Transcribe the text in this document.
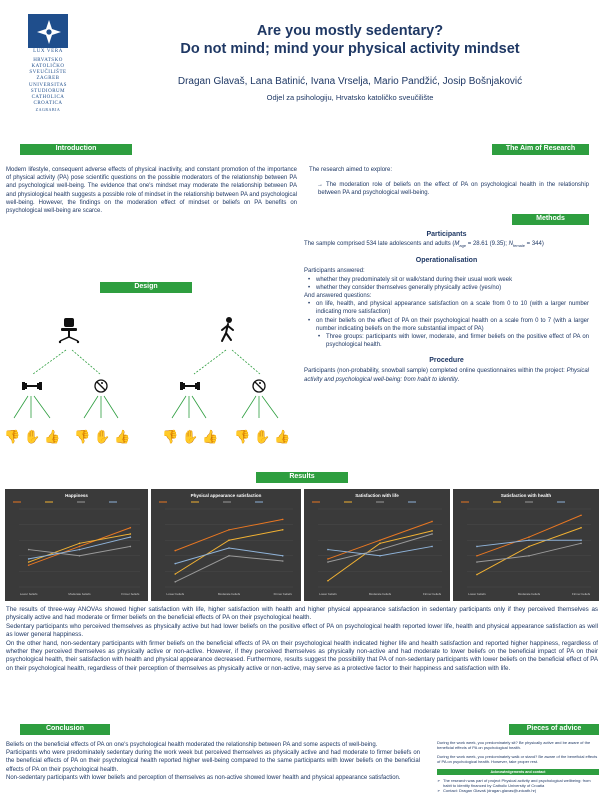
LUX VERA
HRVATSKO
KATOLIČKO
SVEUČILIŠTE
ZAGREB
UNIVERSITAS
STUDIORUM
CATHOLICA
CROATICA
ZAGRABIA
Are you mostly sedentary?
Do not mind; mind your physical activity mindset
Dragan Glavaš, Lana Batinić, Ivana Vrselja, Mario Pandžić, Josip Bošnjaković
Odjel za psihologiju, Hrvatsko katoličko sveučilište
Introduction
Modern lifestyle, consequent adverse effects of physical inactivity, and constant promotion of the importance of physical activity (PA) pose scientific questions on the possible moderators of the relationship between PA and psychological well-being. The evidence that one's mindset may moderate the relationship between PA and physiological health suggests a possible role of mindset in the relationship between PA and psychological well-being. However, the findings on the moderation effect of mindset or beliefs on PA benefits on psychological well-being are scarce.
The Aim of Research
The research aimed to explore:
→ The moderation role of beliefs on the effect of PA on psychological health in the relationship between PA and psychological well-being.
Design
👎 ✋ 👍 👎 ✋ 👍 👎 ✋ 👍 👎 ✋ 👍
Methods
Participants
The sample comprised 534 late adolescents and adults ($M_{age} = 28.61$ (9.35); $N_{female} = 344$)
Operationalisation
Participants answered:
• whether they predominately sit or walk/stand during their usual work week
• whether they consider themselves generally physically active (yes/no)
And answered questions:
• on life, health, and physical appearance satisfaction on a scale from 0 to 10 (with a larger number indicating more satisfaction)
• on their beliefs on the effect of PA on their psychological health on a scale from 0 to 7 (with a larger number indicating beliefs on the more substantial impact of PA)
• Three groups: participants with lower, moderate, and firmer beliefs on the positive effect of PA on psychological health.
Procedure
Participants (non-probability, snowball sample) completed online questionnaires within the project: Physical activity and psychological well-being: from habit to identity.
Results
Happiness
Lower beliefs	Moderate beliefs	Firmer beliefs
Physical appearance satisfaction
Lower beliefs	Moderate beliefs	Firmer beliefs
Satisfaction with life
Lower beliefs	Moderate beliefs	Firmer beliefs
Satisfaction with health
Lower beliefs	Moderate beliefs	Firmer beliefs
The results of three-way ANOVAs showed higher satisfaction with life, higher satisfaction with health and higher physical appearance satisfaction in sedentary participants only if they perceived themselves as physically active and had moderate or firmer beliefs on the beneficial effects of PA on their psychological health.
Sedentary participants who perceived themselves as physically active but had lower beliefs on the positive effect of PA on psychological health reported lower life, health and physical appearance satisfaction as well as lower general happiness.
On the other hand, non-sedentary participants with firmer beliefs on the beneficial effects of PA on their psychological health indicated higher life and health satisfaction and reported higher happiness, regardless of whether they perceived themselves as physically active or non-active. However, if they perceived themselves as physically non-active and had moderate to lower beliefs on the beneficial impact of PA on their psychological health, their satisfaction with health and physical appearance decreased. Furthermore, results suggest the possibility that PA of non-sedentary participants with lower beliefs on the beneficial effect of PA on their psychological health, regardless of their perception of themselves as physically active or non-active, may serve as a protective factor to their happiness and satisfaction with life.
Conclusion
Beliefs on the beneficial effects of PA on one's psychological health moderated the relationship between PA and some aspects of well-being.
Participants who were predominately sedentary during the work week but perceived themselves as physically active and had moderate to firmer beliefs on the beneficial effects of PA on their psychological health reported higher well-being compared to the same participants with lower beliefs on the beneficial effects of PA on their psychological health.
Non-sedentary participants with lower beliefs and perception of themselves as non-active showed lower health and physical appearance satisfaction.
Pieces of advice
During the work week, you predominately sit? Be physically active and be aware of the beneficial effects of PA on psychological health.
During the work week, you predominately walk or stand? Be aware of the beneficial effects of PA on psychological health. However, take proper rest.
Acknowledgements and contact
➢ The research was part of project Physical activity and psychological wellbeing: from habit to identity financed by Catholic University of Croatia
➢ Contact: Dragan Glavaš (dragan.glavas@unicath.hr)
